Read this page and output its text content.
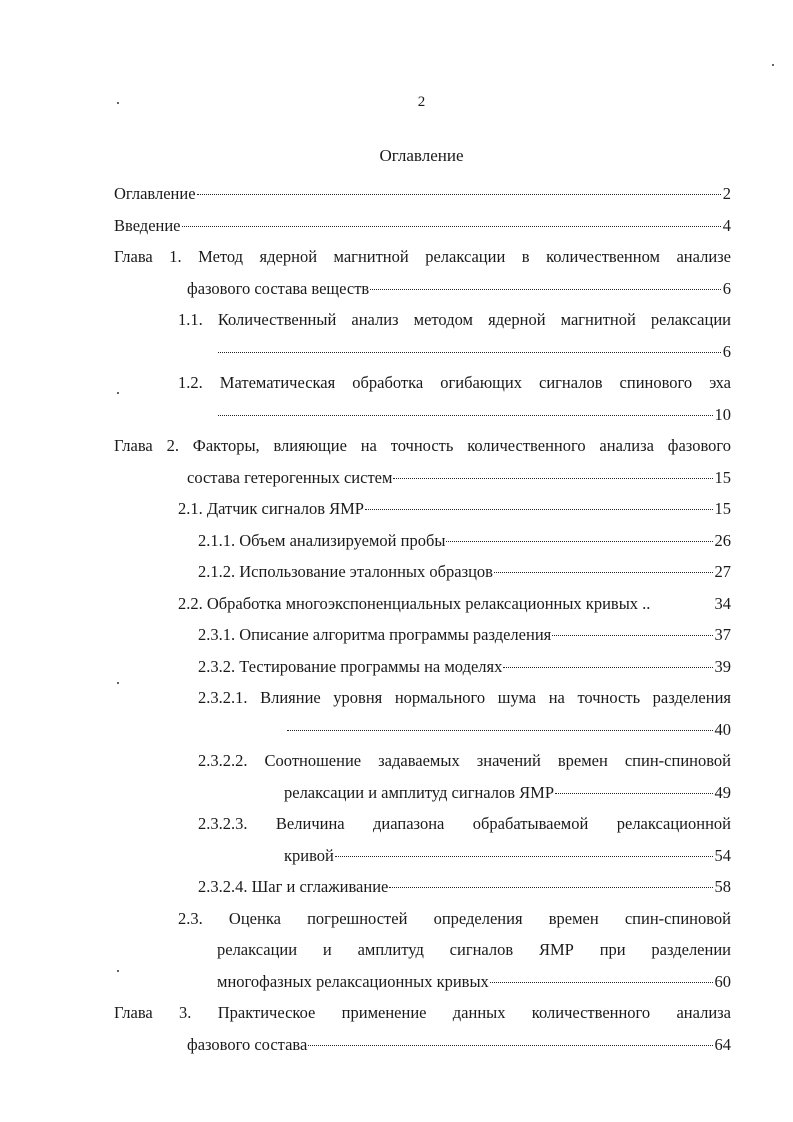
2
Оглавление
Оглавление	2
Введение	4
Глава 1. Метод ядерной магнитной релаксации в количественном анализе
фазового состава веществ	6
1.1. Количественный анализ методом ядерной магнитной релаксации
6
1.2. Математическая обработка огибающих сигналов спинового эха
10
Глава 2. Факторы, влияющие на точность количественного анализа фазового
состава гетерогенных систем	15
2.1. Датчик сигналов ЯМР	15
2.1.1. Объем анализируемой пробы	26
2.1.2. Использование эталонных образцов	27
2.2. Обработка многоэкспоненциальных релаксационных кривых ..	34
2.3.1. Описание алгоритма программы разделения	37
2.3.2. Тестирование программы на моделях	39
2.3.2.1. Влияние уровня нормального шума на точность разделения
40
2.3.2.2. Соотношение задаваемых значений времен спин-спиновой
релаксации и амплитуд сигналов ЯМР	49
2.3.2.3. Величина диапазона обрабатываемой релаксационной
кривой	54
2.3.2.4. Шаг и сглаживание	58
2.3. Оценка погрешностей определения времен спин-спиновой
релаксации и амплитуд сигналов ЯМР при разделении
многофазных релаксационных кривых	60
Глава 3. Практическое применение данных количественного анализа
фазового состава	64
